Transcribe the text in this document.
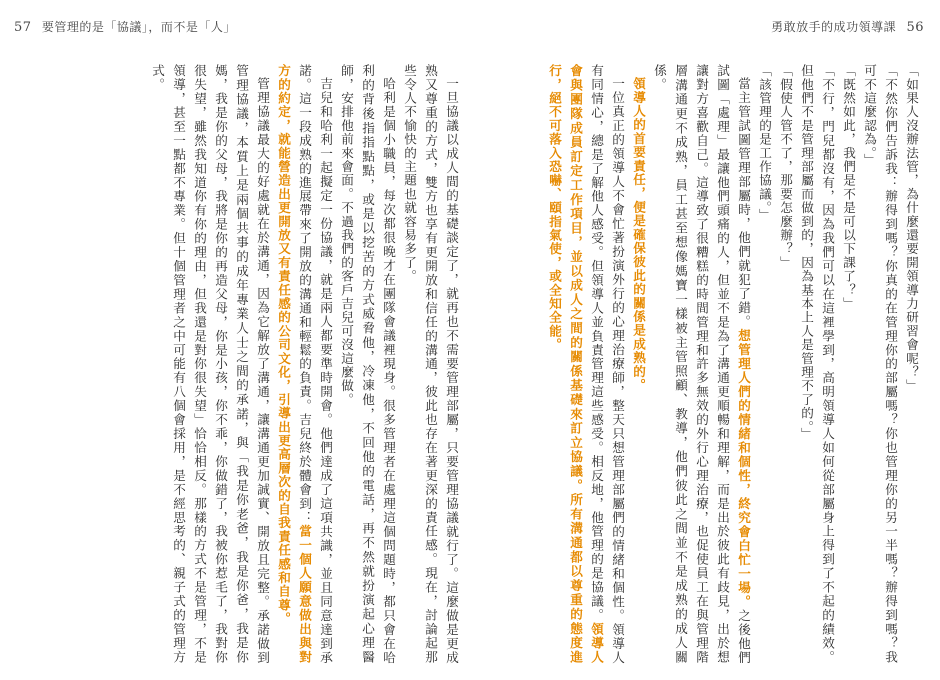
57 要管理的是「協議」，而不是「人」

一旦協議以成人間的基礎談定了，就再也不需要管理部屬，只要管理協議就行了。這麼做是更成熟又尊重的方式，雙方也享有更開放和信任的溝通，彼此也存在著更深的責任感。現在，討論起那些令人不愉快的主題也就容易多了。

哈利是個小職員，每次都很晚才在團隊會議裡現身。很多管理者在處理這個問題時，都只會在哈利的背後指指點點，或是以挖苦的方式威脅他，冷凍他，不回他的電話，再不然就扮演起心理醫師，安排他前來會面。不過我們的客戶吉兒可沒這麼做。

吉兒和哈利一起擬定一份協議，就是兩人都要準時開會。他們達成了這項共識，並且同意達到承諾。這一段成熟的進展帶來了開放的溝通和輕鬆的負責。吉兒終於體會到：當一個人願意做出與對方的約定，就能營造出更開放又有責任感的公司文化，引導出更高層次的自我責任感和自尊。

管理協議最大的好處就在於溝通，因為它解放了溝通，讓溝通更加誠實、開放且完整。承諾做到管理協議，本質上是兩個共事的成年專業人士之間的承諾，與「我是你老爸，我是你爸，我是你媽，我是你的父母，我將是你的再造父母，你是小孩，你不乖，你做錯了，我被你惹毛了，我對你很失望，雖然我知道你有你的理由，但我還是對你很失望」恰恰相反。那樣的方式不是管理，不是領導，甚至一點都不專業。但十個管理者之中可能有八個會採用，是不經思考的、親子式的管理方式。

勇敢放手的成功領導課 56

「如果人沒辦法管，為什麼還要開領導力研習會呢？」

「不然你們告訴我：辦得到嗎？你真的在管理你的部屬嗎？你也管理你的另一半嗎？辦得到嗎？我可不這麼認為。」

「既然如此，我們是不是可以下課了？」

「不行，門兒都沒有，因為我們可以在這裡學到，高明領導人如何從部屬身上得到了不起的績效。但他們不是管理部屬而做到的，因為基本上人是管理不了的。」

「假使人管不了，那要怎麼辦？」

「該管理的是工作協議。」

當主管試圖管理部屬時，他們就犯了錯。想管理人們的情緒和個性，終究會白忙一場。之後他們試圖「處理」最讓他們頭痛的人，但並不是為了溝通更順暢和理解，而是出於彼此有歧見，出於想讓對方喜歡自己。這導致了很糟糕的時間管理和許多無效的外行心理治療，也促使員工在與管理階層溝通更不成熟，員工甚至想像媽寶一樣被主管照顧、教導，他們彼此之間並不是成熟的成人關係。

領導人的首要責任，便是確保彼此的關係是成熟的。

一位真正的領導人不會忙著扮演外行的心理治療師，整天只想管理部屬們的情緒和個性。領導人有同情心，總是了解他人感受。但領導人並負責管理這些感受。相反地，他管理的是協議。領導人會與團隊成員訂定工作項目，並以成人之間的關係基礎來訂立協議。所有溝通都以尊重的態度進行，絕不可落入恐嚇、頤指氣使，或全知全能。
